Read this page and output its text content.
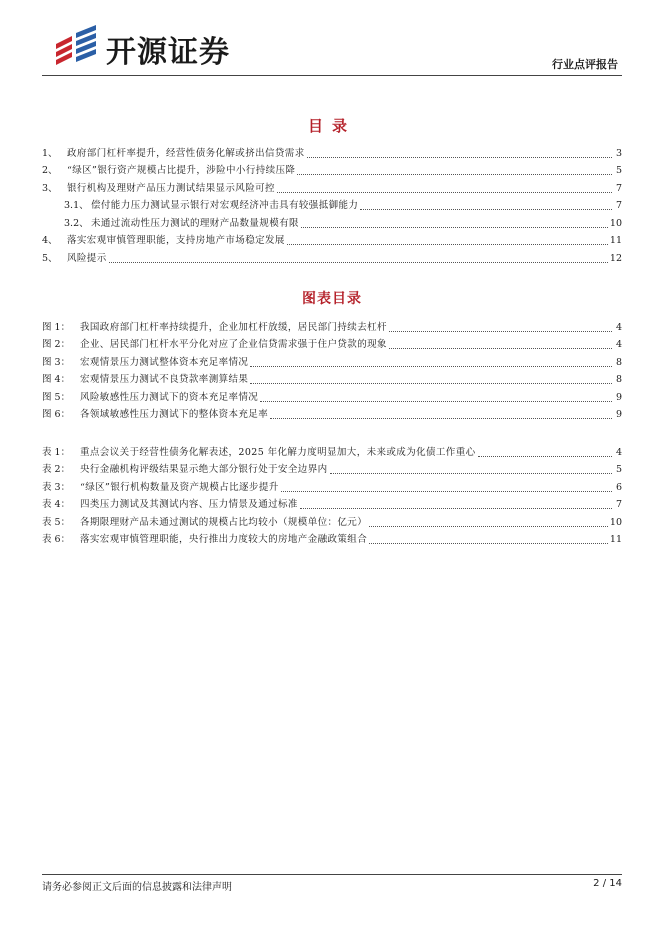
开源证券	行业点评报告
目录
1、 政府部门杠杆率提升，经营性债务化解或挤出信贷需求	3
2、 “绿区”银行资产规模占比提升，涉险中小行持续压降	5
3、 银行机构及理财产品压力测试结果显示风险可控	7
3.1、 偿付能力压力测试显示银行对宏观经济冲击具有较强抵御能力	7
3.2、 未通过流动性压力测试的理财产品数量规模有限	10
4、 落实宏观审慎管理职能，支持房地产市场稳定发展	11
5、 风险提示	12
图表目录
图 1：	我国政府部门杠杆率持续提升，企业加杠杆放缓，居民部门持续去杠杆	4
图 2：	企业、居民部门杠杆水平分化对应了企业信贷需求强于住户贷款的现象	4
图 3：	宏观情景压力测试整体资本充足率情况	8
图 4：	宏观情景压力测试不良贷款率测算结果	8
图 5：	风险敏感性压力测试下的资本充足率情况	9
图 6：	各领域敏感性压力测试下的整体资本充足率	9
表 1：	重点会议关于经营性债务化解表述，2025 年化解力度明显加大，未来或成为化债工作重心	4
表 2：	央行金融机构评级结果显示绝大部分银行处于安全边界内	5
表 3：	“绿区”银行机构数量及资产规模占比逐步提升	6
表 4：	四类压力测试及其测试内容、压力情景及通过标准	7
表 5：	各期限理财产品未通过测试的规模占比均较小（规模单位：亿元）	10
表 6：	落实宏观审慎管理职能，央行推出力度较大的房地产金融政策组合	11
请务必参阅正文后面的信息披露和法律声明	2 / 14
